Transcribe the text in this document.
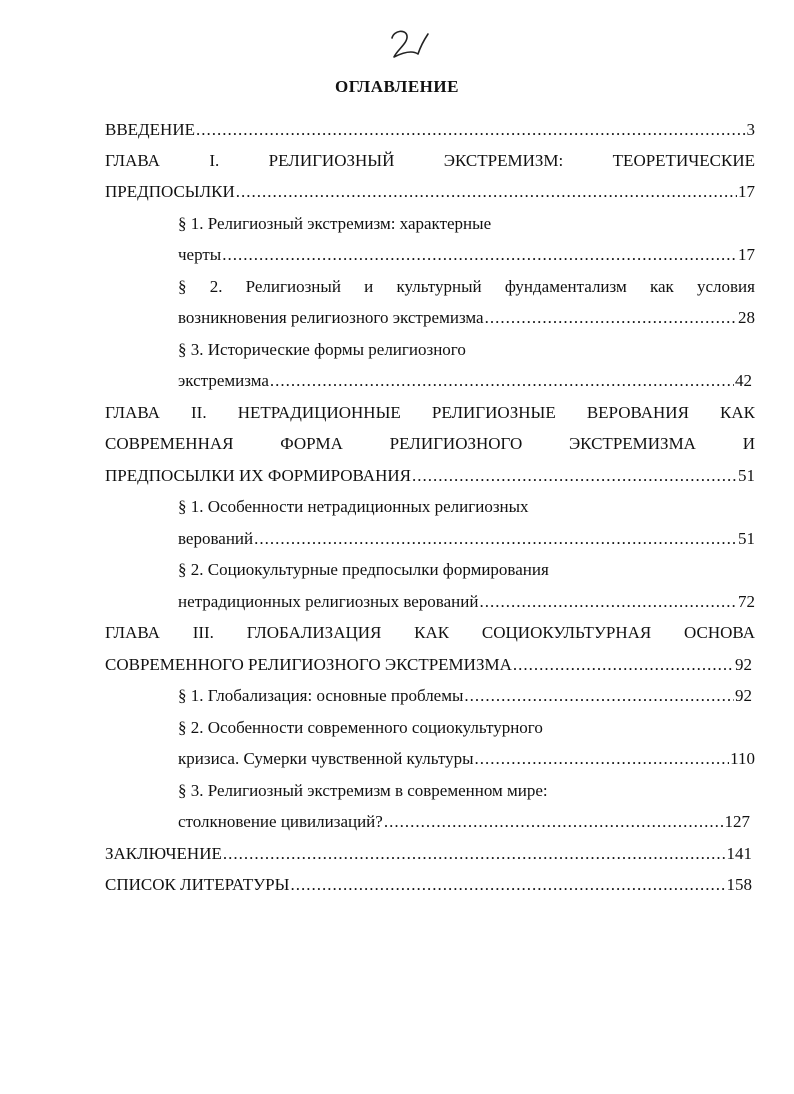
ОГЛАВЛЕНИЕ
ВВЕДЕНИЕ .....	3
ГЛАВА	I.	РЕЛИГИОЗНЫЙ	ЭКСТРЕМИЗМ:	ТЕОРЕТИЧЕСКИЕ
ПРЕДПОСЫЛКИ .....	17
§ 1. Религиозный экстремизм: характерные
черты .....	17
§ 2. Религиозный и культурный фундаментализм как условия
возникновения религиозного экстремизма .....	28
§ 3. Исторические формы религиозного
экстремизма .....	42
ГЛАВА II. НЕТРАДИЦИОННЫЕ РЕЛИГИОЗНЫЕ ВЕРОВАНИЯ КАК
СОВРЕМЕННАЯ	ФОРМА	РЕЛИГИОЗНОГО	ЭКСТРЕМИЗМА	И
ПРЕДПОСЫЛКИ ИХ ФОРМИРОВАНИЯ .....	51
§ 1. Особенности нетрадиционных религиозных
верований .....	51
§ 2. Социокультурные предпосылки формирования
нетрадиционных религиозных верований .....	72
ГЛАВА III. ГЛОБАЛИЗАЦИЯ КАК СОЦИОКУЛЬТУРНАЯ ОСНОВА
СОВРЕМЕННОГО РЕЛИГИОЗНОГО ЭКСТРЕМИЗМА .....	92
§ 1. Глобализация: основные проблемы .....	92
§ 2. Особенности современного социокультурного
кризиса. Сумерки чувственной культуры .....	110
§ 3. Религиозный экстремизм в современном мире:
столкновение цивилизаций? .....	127
ЗАКЛЮЧЕНИЕ .....	141
СПИСОК ЛИТЕРАТУРЫ .....	158
